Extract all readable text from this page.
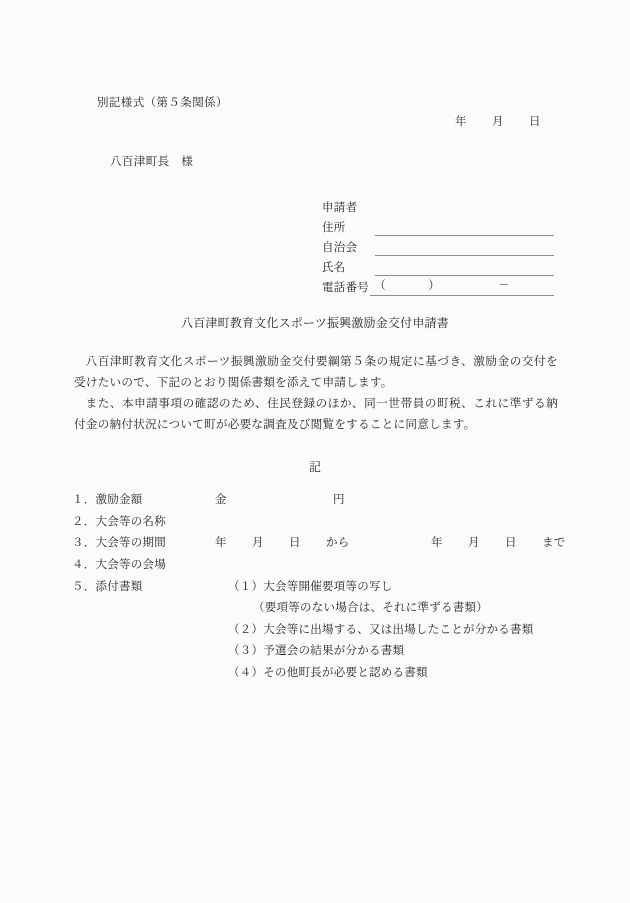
別記様式（第５条関係）
年 月 日
八百津町長　様
申請者
住所
自治会
氏名
電話番号 （	）	－
八百津町教育文化スポーツ振興激励金交付申請書
八百津町教育文化スポーツ振興激励金交付要綱第５条の規定に基づき、激励金の交付を受けたいので、下記のとおり関係書類を添えて申請します。
また、本申請事項の確認のため、住民登録のほか、同一世帯員の町税、これに準ずる納付金の納付状況について町が必要な調査及び閲覧をすることに同意します。
記
１．激励金額	金	円
２．大会等の名称
３．大会等の期間	年 月 日 から	年 月 日 まで
４．大会等の会場
５．添付書類	（１）大会等開催要項等の写し
（要項等のない場合は、それに準ずる書類）
（２）大会等に出場する、又は出場したことが分かる書類
（３）予選会の結果が分かる書類
（４）その他町長が必要と認める書類
